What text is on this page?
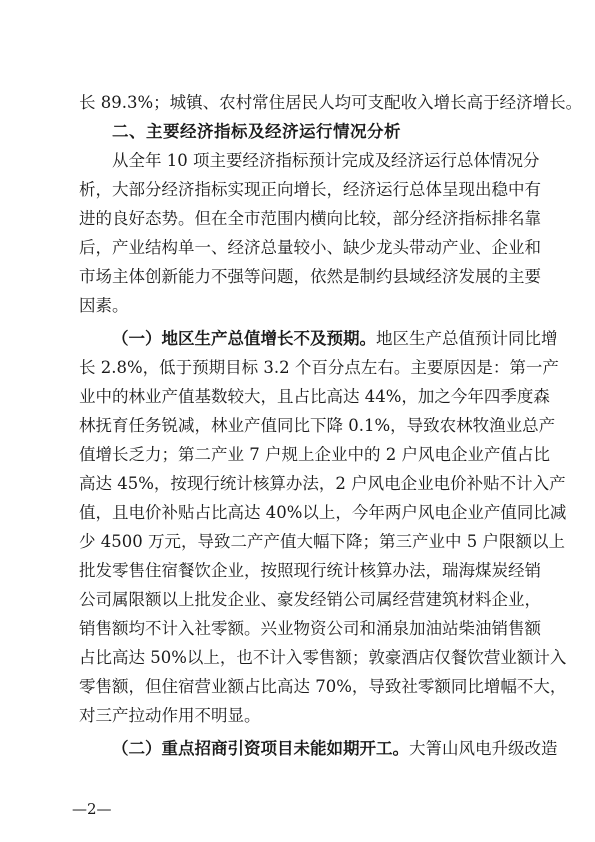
长 89.3%；城镇、农村常住居民人均可支配收入增长高于经济增长。
二、主要经济指标及经济运行情况分析
从全年 10 项主要经济指标预计完成及经济运行总体情况分
析，大部分经济指标实现正向增长，经济运行总体呈现出稳中有
进的良好态势。但在全市范围内横向比较，部分经济指标排名靠
后，产业结构单一、经济总量较小、缺少龙头带动产业、企业和
市场主体创新能力不强等问题，依然是制约县域经济发展的主要
因素。
（一）地区生产总值增长不及预期。地区生产总值预计同比增
长 2.8%，低于预期目标 3.2 个百分点左右。主要原因是：第一产
业中的林业产值基数较大，且占比高达 44%，加之今年四季度森
林抚育任务锐减，林业产值同比下降 0.1%，导致农林牧渔业总产
值增长乏力；第二产业 7 户规上企业中的 2 户风电企业产值占比
高达 45%，按现行统计核算办法，2 户风电企业电价补贴不计入产
值，且电价补贴占比高达 40%以上，今年两户风电企业产值同比减
少 4500 万元，导致二产产值大幅下降；第三产业中 5 户限额以上
批发零售住宿餐饮企业，按照现行统计核算办法，瑞海煤炭经销
公司属限额以上批发企业、豪发经销公司属经营建筑材料企业，
销售额均不计入社零额。兴业物资公司和涌泉加油站柴油销售额
占比高达 50%以上，也不计入零售额；敦豪酒店仅餐饮营业额计入
零售额，但住宿营业额占比高达 70%，导致社零额同比增幅不大，
对三产拉动作用不明显。
（二）重点招商引资项目未能如期开工。大箐山风电升级改造
—2—
